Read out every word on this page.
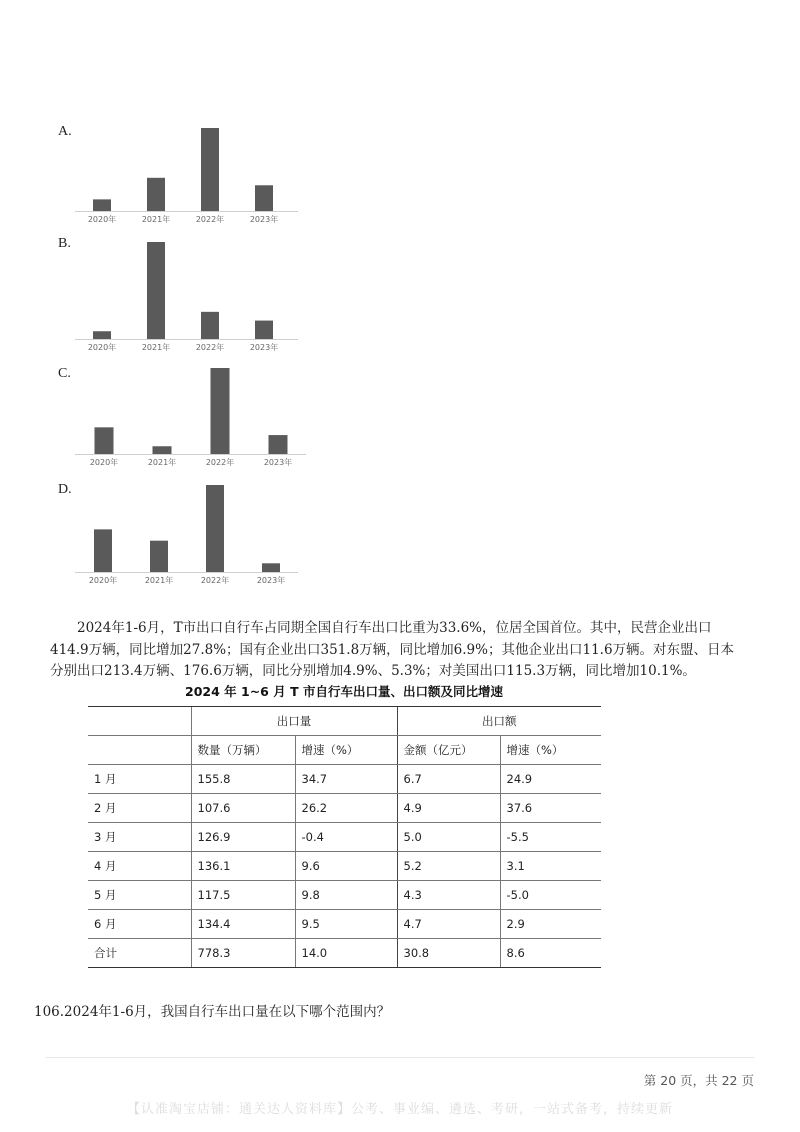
A.
B.
C.
D.
2020年	2021年	2022年	2023年
2020年	2021年	2022年	2023年
2020年	2021年	2022年	2023年
2020年	2021年	2022年	2023年

2024年1-6月，T市出口自行车占同期全国自行车出口比重为33.6%，位居全国首位。其中，民营企业出口

414.9万辆，同比增加27.8%；国有企业出口351.8万辆，同比增加6.9%；其他企业出口11.6万辆。对东盟、日本
分别出口213.4万辆、176.6万辆，同比分别增加4.9%、5.3%；对美国出口115.3万辆，同比增加10.1%。
2024 年 1~6 月 T 市自行车出口量、出口额及同比增速
	出口量		出口额	
	数量（万辆）	增速（%）	金额（亿元）	增速（%）
1 月	155.8	34.7	6.7	24.9
2 月	107.6	26.2	4.9	37.6
3 月	126.9	-0.4	5.0	-5.5
4 月	136.1	9.6	5.2	3.1
5 月	117.5	9.8	4.3	-5.0
6 月	134.4	9.5	4.7	2.9
合计	778.3	14.0	30.8	8.6
106.2024年1-6月，我国自行车出口量在以下哪个范围内？
第 20 页，共 22 页
【认准淘宝店铺：通关达人资料库】公考、事业编、遴选、考研，一站式备考，持续更新
